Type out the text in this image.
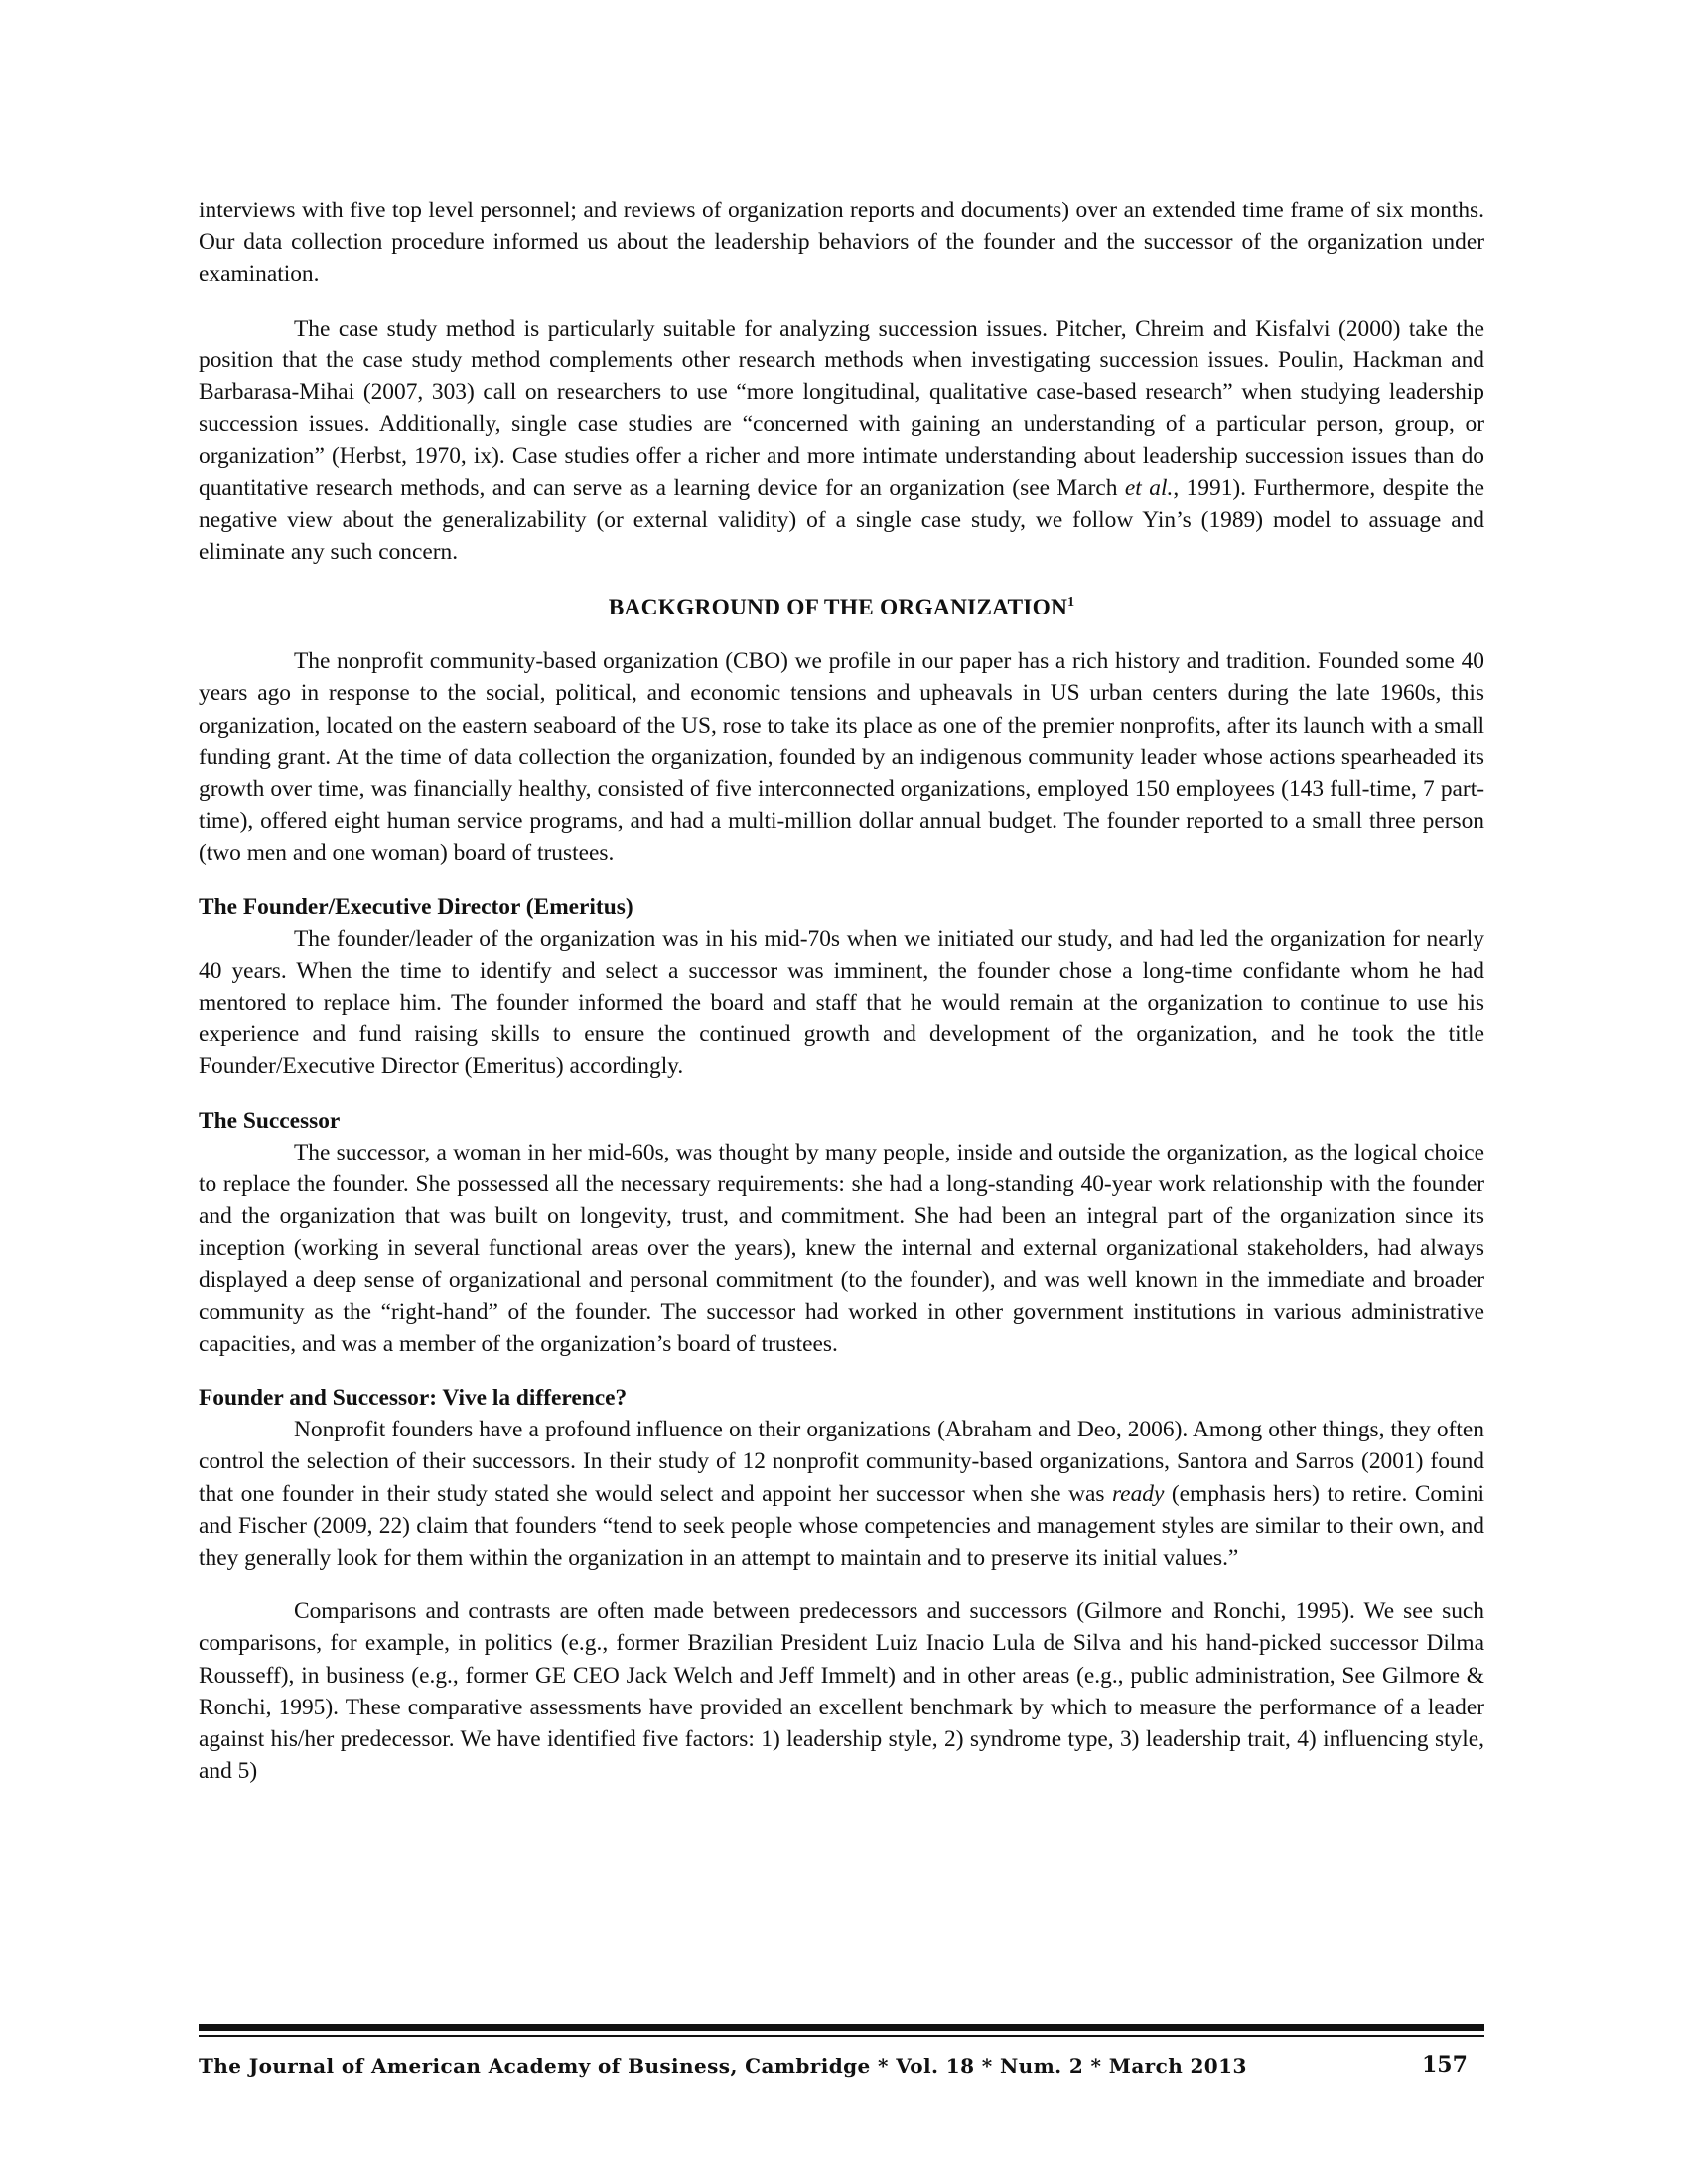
interviews with five top level personnel; and reviews of organization reports and documents) over an extended time frame of six months. Our data collection procedure informed us about the leadership behaviors of the founder and the successor of the organization under examination.

The case study method is particularly suitable for analyzing succession issues. Pitcher, Chreim and Kisfalvi (2000) take the position that the case study method complements other research methods when investigating succession issues. Poulin, Hackman and Barbarasa-Mihai (2007, 303) call on researchers to use “more longitudinal, qualitative case-based research” when studying leadership succession issues. Additionally, single case studies are “concerned with gaining an understanding of a particular person, group, or organization” (Herbst, 1970, ix). Case studies offer a richer and more intimate understanding about leadership succession issues than do quantitative research methods, and can serve as a learning device for an organization (see March et al., 1991). Furthermore, despite the negative view about the generalizability (or external validity) of a single case study, we follow Yin’s (1989) model to assuage and eliminate any such concern.

BACKGROUND OF THE ORGANIZATION$^1$

The nonprofit community-based organization (CBO) we profile in our paper has a rich history and tradition. Founded some 40 years ago in response to the social, political, and economic tensions and upheavals in US urban centers during the late 1960s, this organization, located on the eastern seaboard of the US, rose to take its place as one of the premier nonprofits, after its launch with a small funding grant. At the time of data collection the organization, founded by an indigenous community leader whose actions spearheaded its growth over time, was financially healthy, consisted of five interconnected organizations, employed 150 employees (143 full-time, 7 part-time), offered eight human service programs, and had a multi-million dollar annual budget. The founder reported to a small three person (two men and one woman) board of trustees.

The Founder/Executive Director (Emeritus)

The founder/leader of the organization was in his mid-70s when we initiated our study, and had led the organization for nearly 40 years. When the time to identify and select a successor was imminent, the founder chose a long-time confidante whom he had mentored to replace him. The founder informed the board and staff that he would remain at the organization to continue to use his experience and fund raising skills to ensure the continued growth and development of the organization, and he took the title Founder/Executive Director (Emeritus) accordingly.

The Successor

The successor, a woman in her mid-60s, was thought by many people, inside and outside the organization, as the logical choice to replace the founder. She possessed all the necessary requirements: she had a long-standing 40-year work relationship with the founder and the organization that was built on longevity, trust, and commitment. She had been an integral part of the organization since its inception (working in several functional areas over the years), knew the internal and external organizational stakeholders, had always displayed a deep sense of organizational and personal commitment (to the founder), and was well known in the immediate and broader community as the “right-hand” of the founder. The successor had worked in other government institutions in various administrative capacities, and was a member of the organization’s board of trustees.

Founder and Successor: Vive la difference?

Nonprofit founders have a profound influence on their organizations (Abraham and Deo, 2006). Among other things, they often control the selection of their successors. In their study of 12 nonprofit community-based organizations, Santora and Sarros (2001) found that one founder in their study stated she would select and appoint her successor when she was ready (emphasis hers) to retire. Comini and Fischer (2009, 22) claim that founders “tend to seek people whose competencies and management styles are similar to their own, and they generally look for them within the organization in an attempt to maintain and to preserve its initial values.”

Comparisons and contrasts are often made between predecessors and successors (Gilmore and Ronchi, 1995). We see such comparisons, for example, in politics (e.g., former Brazilian President Luiz Inacio Lula de Silva and his hand-picked successor Dilma Rousseff), in business (e.g., former GE CEO Jack Welch and Jeff Immelt) and in other areas (e.g., public administration, See Gilmore & Ronchi, 1995). These comparative assessments have provided an excellent benchmark by which to measure the performance of a leader against his/her predecessor. We have identified five factors: 1) leadership style, 2) syndrome type, 3) leadership trait, 4) influencing style, and 5)

The Journal of American Academy of Business, Cambridge * Vol. 18 * Num. 2 * March 2013	157
